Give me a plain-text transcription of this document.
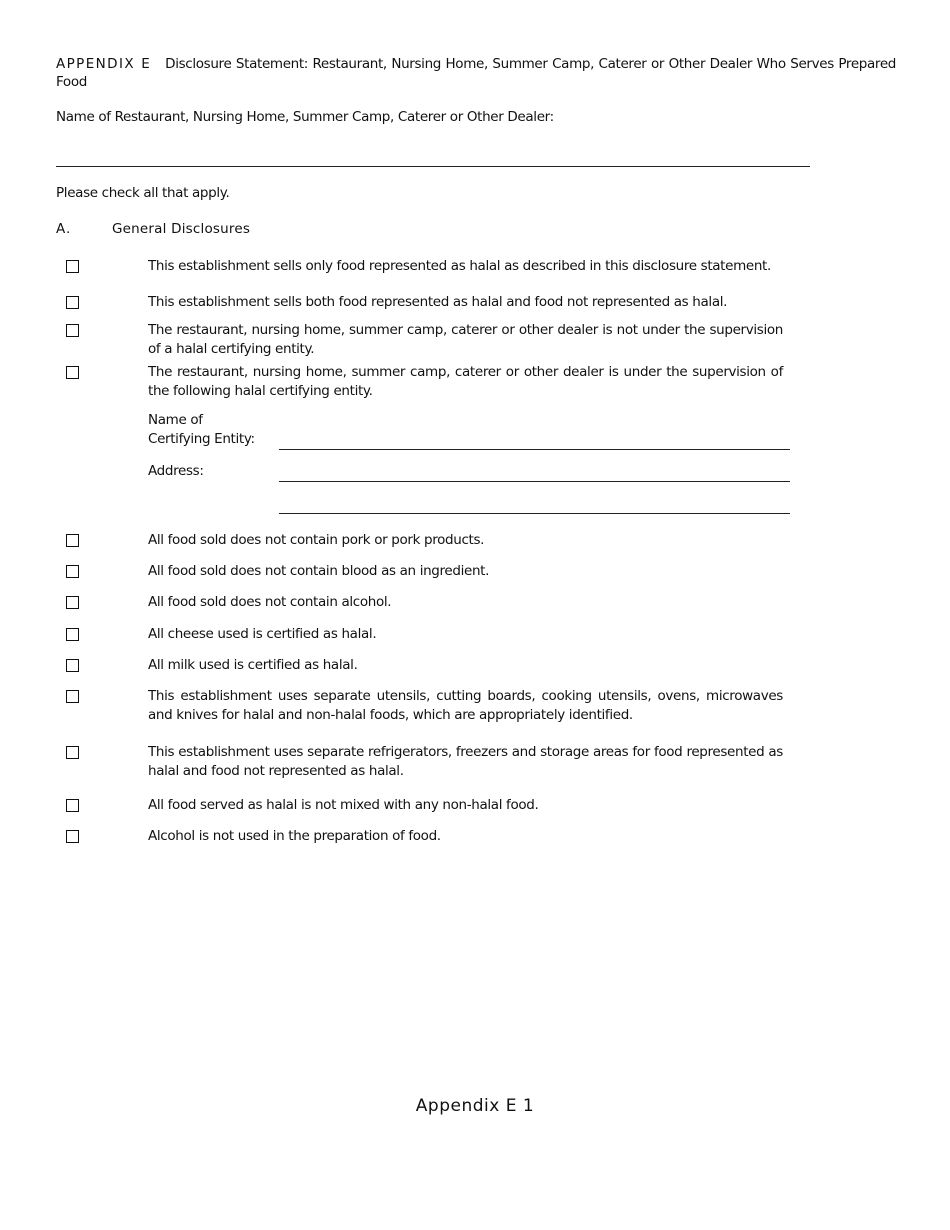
APPENDIX E Disclosure Statement: Restaurant, Nursing Home, Summer Camp, Caterer or Other Dealer Who Serves Prepared Food
Name of Restaurant, Nursing Home, Summer Camp, Caterer or Other Dealer:
Please check all that apply.
A.	General Disclosures
This establishment sells only food represented as halal as described in this disclosure statement.
This establishment sells both food represented as halal and food not represented as halal.
The restaurant, nursing home, summer camp, caterer or other dealer is not under the supervision of a halal certifying entity.
The restaurant, nursing home, summer camp, caterer or other dealer is under the supervision of the following halal certifying entity.
Name of
Certifying Entity:
Address:
All food sold does not contain pork or pork products.
All food sold does not contain blood as an ingredient.
All food sold does not contain alcohol.
All cheese used is certified as halal.
All milk used is certified as halal.
This establishment uses separate utensils, cutting boards, cooking utensils, ovens, microwaves and knives for halal and non-halal foods, which are appropriately identified.
This establishment uses separate refrigerators, freezers and storage areas for food represented as halal and food not represented as halal.
All food served as halal is not mixed with any non-halal food.
Alcohol is not used in the preparation of food.
Appendix E 1
